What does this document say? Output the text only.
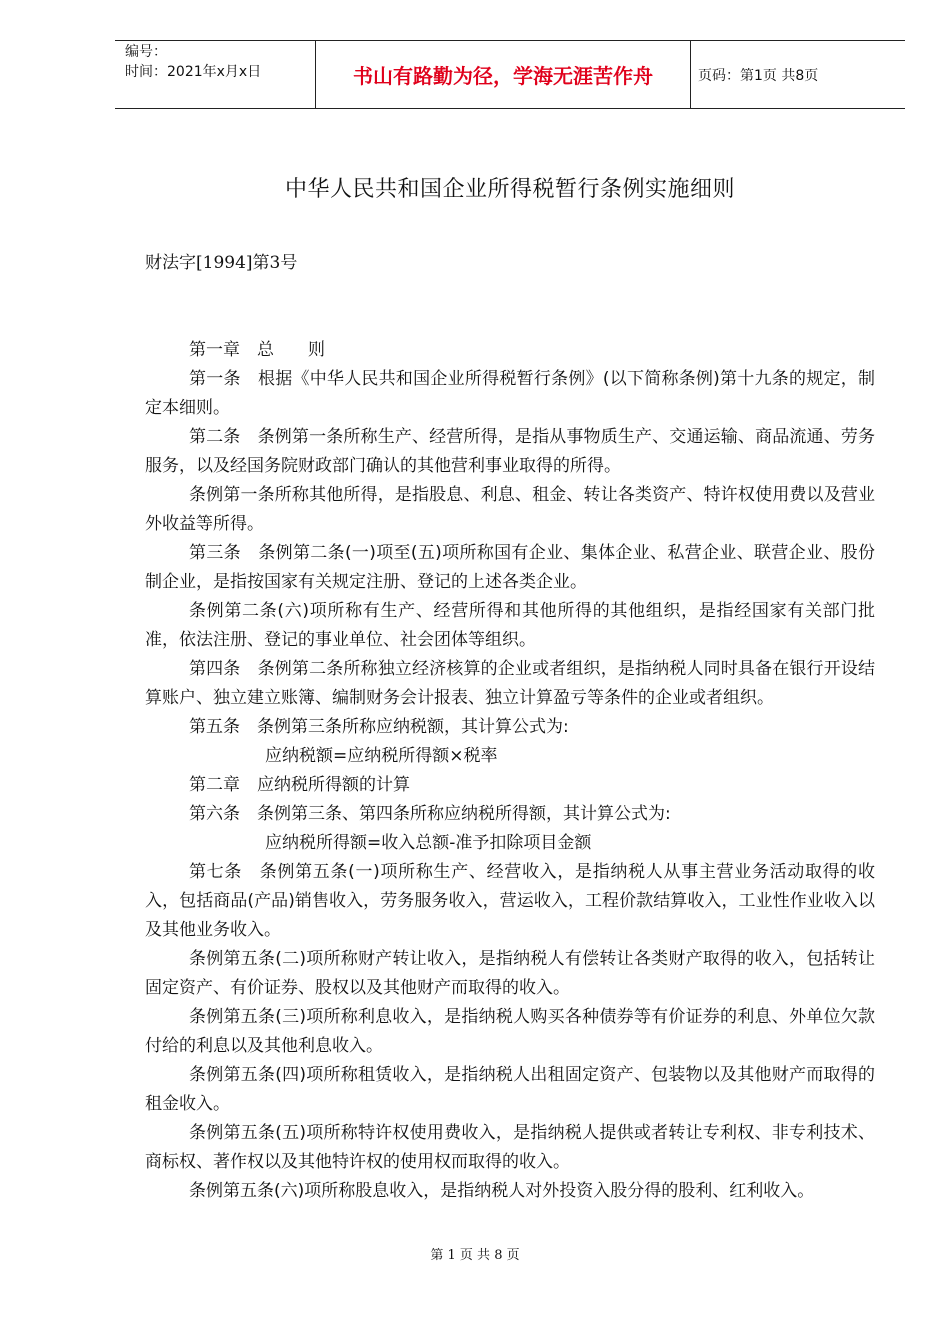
编号：
时间：2021年x月x日	书山有路勤为径，学海无涯苦作舟	页码：第1页 共8页
中华人民共和国企业所得税暂行条例实施细则
财法字[1994]第3号

第一章　总　　则

第一条　根据《中华人民共和国企业所得税暂行条例》(以下简称条例)第十九条的规定，制定本细则。

第二条　条例第一条所称生产、经营所得，是指从事物质生产、交通运输、商品流通、劳务服务，以及经国务院财政部门确认的其他营利事业取得的所得。

条例第一条所称其他所得，是指股息、利息、租金、转让各类资产、特许权使用费以及营业外收益等所得。

第三条　条例第二条(一)项至(五)项所称国有企业、集体企业、私营企业、联营企业、股份制企业，是指按国家有关规定注册、登记的上述各类企业。

条例第二条(六)项所称有生产、经营所得和其他所得的其他组织，是指经国家有关部门批准，依法注册、登记的事业单位、社会团体等组织。

第四条　条例第二条所称独立经济核算的企业或者组织，是指纳税人同时具备在银行开设结算账户、独立建立账簿、编制财务会计报表、独立计算盈亏等条件的企业或者组织。

第五条　条例第三条所称应纳税额，其计算公式为:

应纳税额=应纳税所得额×税率

第二章　应纳税所得额的计算

第六条　条例第三条、第四条所称应纳税所得额，其计算公式为:

应纳税所得额=收入总额-准予扣除项目金额

第七条　条例第五条(一)项所称生产、经营收入，是指纳税人从事主营业务活动取得的收入，包括商品(产品)销售收入，劳务服务收入，营运收入，工程价款结算收入，工业性作业收入以及其他业务收入。

条例第五条(二)项所称财产转让收入，是指纳税人有偿转让各类财产取得的收入，包括转让固定资产、有价证券、股权以及其他财产而取得的收入。

条例第五条(三)项所称利息收入，是指纳税人购买各种债券等有价证券的利息、外单位欠款付给的利息以及其他利息收入。

条例第五条(四)项所称租赁收入，是指纳税人出租固定资产、包装物以及其他财产而取得的租金收入。

条例第五条(五)项所称特许权使用费收入，是指纳税人提供或者转让专利权、非专利技术、商标权、著作权以及其他特许权的使用权而取得的收入。

条例第五条(六)项所称股息收入，是指纳税人对外投资入股分得的股利、红利收入。

第 1 页 共 8 页
